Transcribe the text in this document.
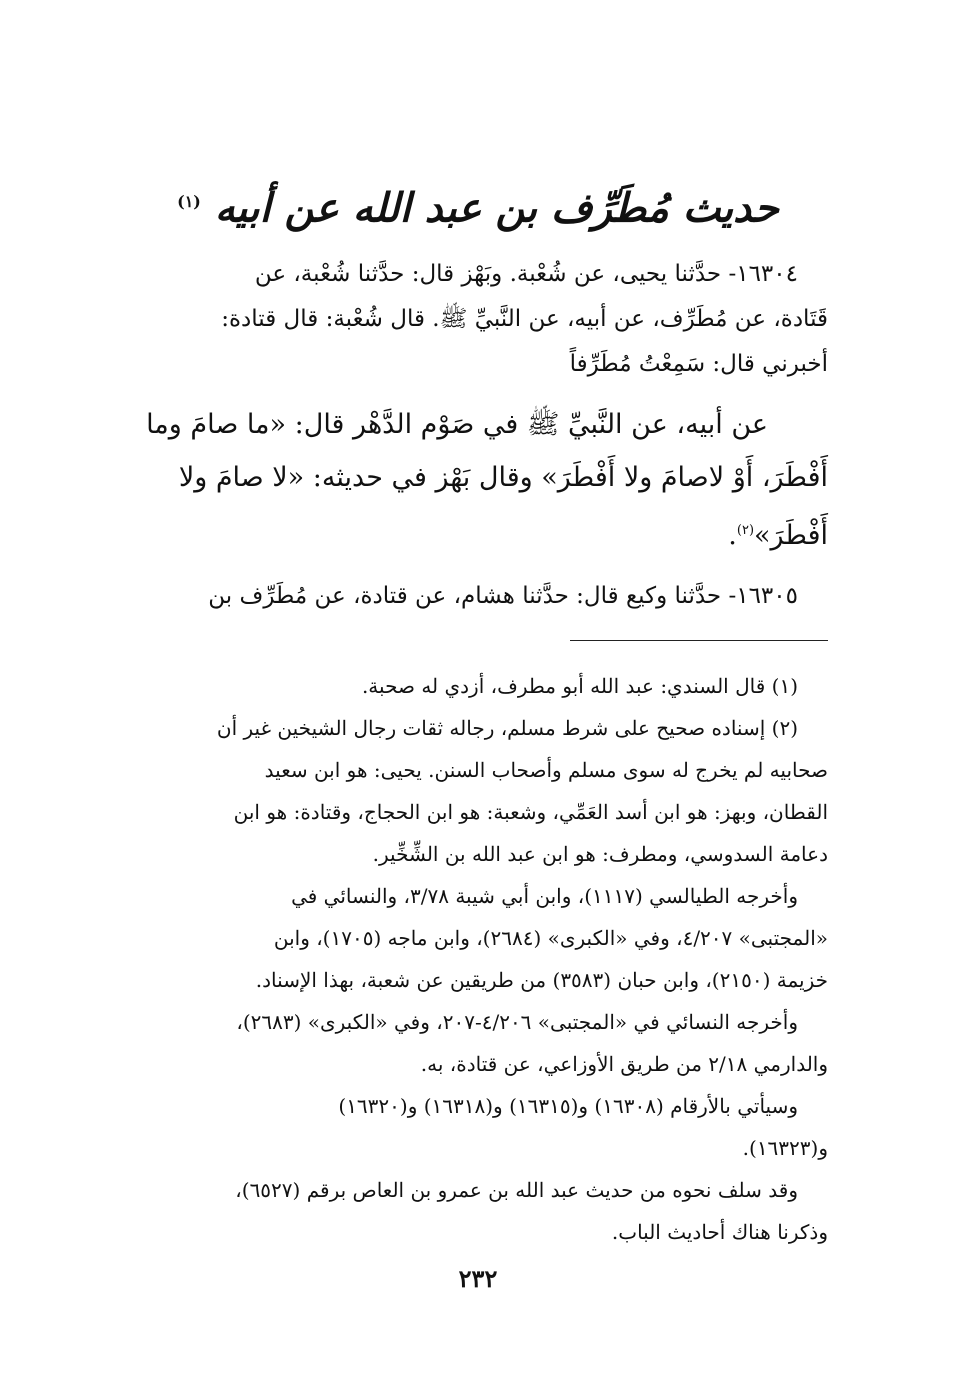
حديث مُطَرِّف بن عبد الله عن أبيه $^{(١)}$
١٦٣٠٤- حدَّثنا يحيى، عن شُعْبة. وبَهْز قال: حدَّثنا شُعْبة، عن
قَتَادة، عن مُطَرِّف، عن أبيه، عن النَّبيِّ ﷺ. قال شُعْبة: قال قتادة:
أخبرني قال: سَمِعْتُ مُطَرِّفاً
عن أبيه، عن النَّبيِّ ﷺ في صَوْم الدَّهْر قال: «ما صامَ وما
أَفْطَرَ، أَوْ لاصامَ ولا أَفْطَرَ» وقال بَهْز في حديثه: «لا صامَ ولا
أَفْطَرَ»$^{(٢)}$.
١٦٣٠٥- حدَّثنا وكيع قال: حدَّثنا هشام، عن قتادة، عن مُطَرِّف بن

(١) قال السندي: عبد الله أبو مطرف، أزدي له صحبة.

(٢) إسناده صحيح على شرط مسلم، رجاله ثقات رجال الشيخين غير أن
صحابيه لم يخرج له سوى مسلم وأصحاب السنن. يحيى: هو ابن سعيد
القطان، وبهز: هو ابن أسد العَمِّي، وشعبة: هو ابن الحجاج، وقتادة: هو ابن
دعامة السدوسي، ومطرف: هو ابن عبد الله بن الشِّخِّير.
وأخرجه الطيالسي (١١١٧)، وابن أبي شيبة ٣/٧٨، والنسائي في
«المجتبى» ٤/٢٠٧، وفي «الكبرى» (٢٦٨٤)، وابن ماجه (١٧٠٥)، وابن
خزيمة (٢١٥٠)، وابن حبان (٣٥٨٣) من طريقين عن شعبة، بهذا الإسناد.
وأخرجه النسائي في «المجتبى» ٤/٢٠٦-٢٠٧، وفي «الكبرى» (٢٦٨٣)،
والدارمي ٢/١٨ من طريق الأوزاعي، عن قتادة، به.
وسيأتي بالأرقام (١٦٣٠٨) و(١٦٣١٥) و(١٦٣١٨) و(١٦٣٢٠)
و(١٦٣٢٣).
وقد سلف نحوه من حديث عبد الله بن عمرو بن العاص برقم (٦٥٢٧)،
وذكرنا هناك أحاديث الباب.
٢٣٢
